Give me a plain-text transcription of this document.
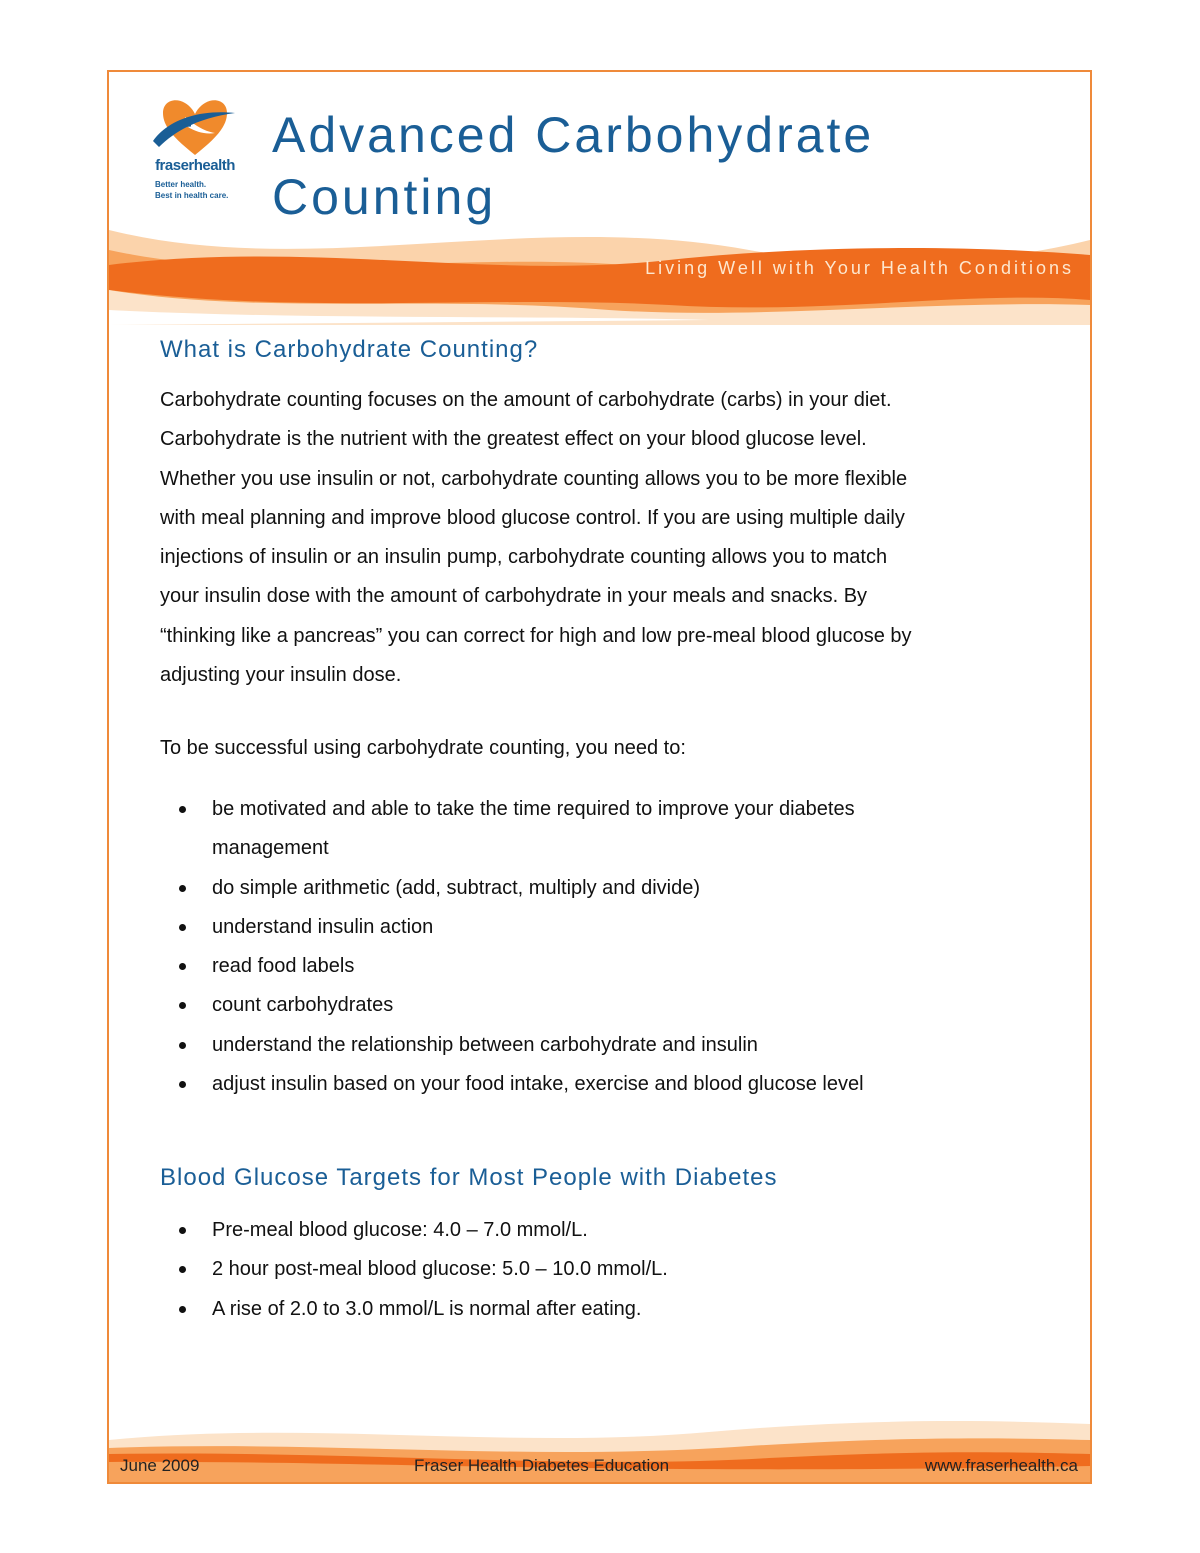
fraserhealth
Better health.
Best in health care.
Advanced Carbohydrate
Counting
Living Well with Your Health Conditions
What is Carbohydrate Counting?
Carbohydrate counting focuses on the amount of carbohydrate (carbs) in your diet.
Carbohydrate is the nutrient with the greatest effect on your blood glucose level.
Whether you use insulin or not, carbohydrate counting allows you to be more flexible
with meal planning and improve blood glucose control. If you are using multiple daily
injections of insulin or an insulin pump, carbohydrate counting allows you to match
your insulin dose with the amount of carbohydrate in your meals and snacks. By
“thinking like a pancreas” you can correct for high and low pre-meal blood glucose by
adjusting your insulin dose.
To be successful using carbohydrate counting, you need to:
be motivated and able to take the time required to improve your diabetes
management
do simple arithmetic (add, subtract, multiply and divide)
understand insulin action
read food labels
count carbohydrates
understand the relationship between carbohydrate and insulin
adjust insulin based on your food intake, exercise and blood glucose level
Blood Glucose Targets for Most People with Diabetes
Pre-meal blood glucose: 4.0 – 7.0 mmol/L.
2 hour post-meal blood glucose: 5.0 – 10.0 mmol/L.
A rise of 2.0 to 3.0 mmol/L is normal after eating.
June 2009	Fraser Health Diabetes Education	www.fraserhealth.ca
